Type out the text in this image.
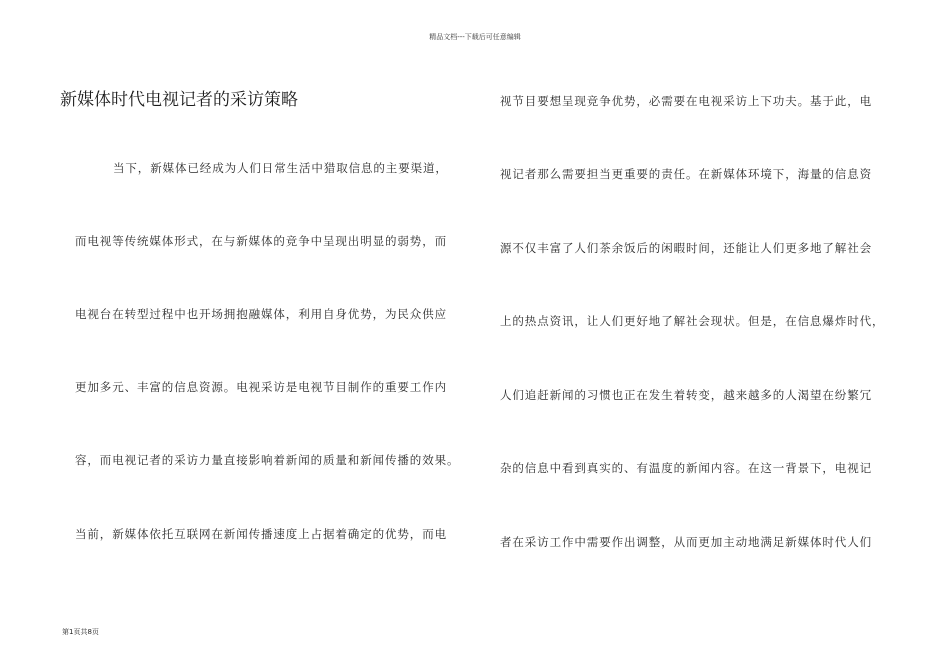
精品文档---下载后可任意编辑
新媒体时代电视记者的采访策略
当下，新媒体已经成为人们日常生活中猎取信息的主要渠道，
而电视等传统媒体形式，在与新媒体的竞争中呈现出明显的弱势，而
电视台在转型过程中也开场拥抱融媒体，利用自身优势，为民众供应
更加多元、丰富的信息资源。电视采访是电视节目制作的重要工作内
容，而电视记者的采访力量直接影响着新闻的质量和新闻传播的效果。
当前，新媒体依托互联网在新闻传播速度上占据着确定的优势，而电
视节目要想呈现竞争优势，必需要在电视采访上下功夫。基于此，电
视记者那么需要担当更重要的责任。在新媒体环境下，海量的信息资
源不仅丰富了人们茶余饭后的闲暇时间，还能让人们更多地了解社会
上的热点资讯，让人们更好地了解社会现状。但是，在信息爆炸时代，
人们追赶新闻的习惯也正在发生着转变，越来越多的人渴望在纷繁冗
杂的信息中看到真实的、有温度的新闻内容。在这一背景下，电视记
者在采访工作中需要作出调整，从而更加主动地满足新媒体时代人们
第1页共8页
